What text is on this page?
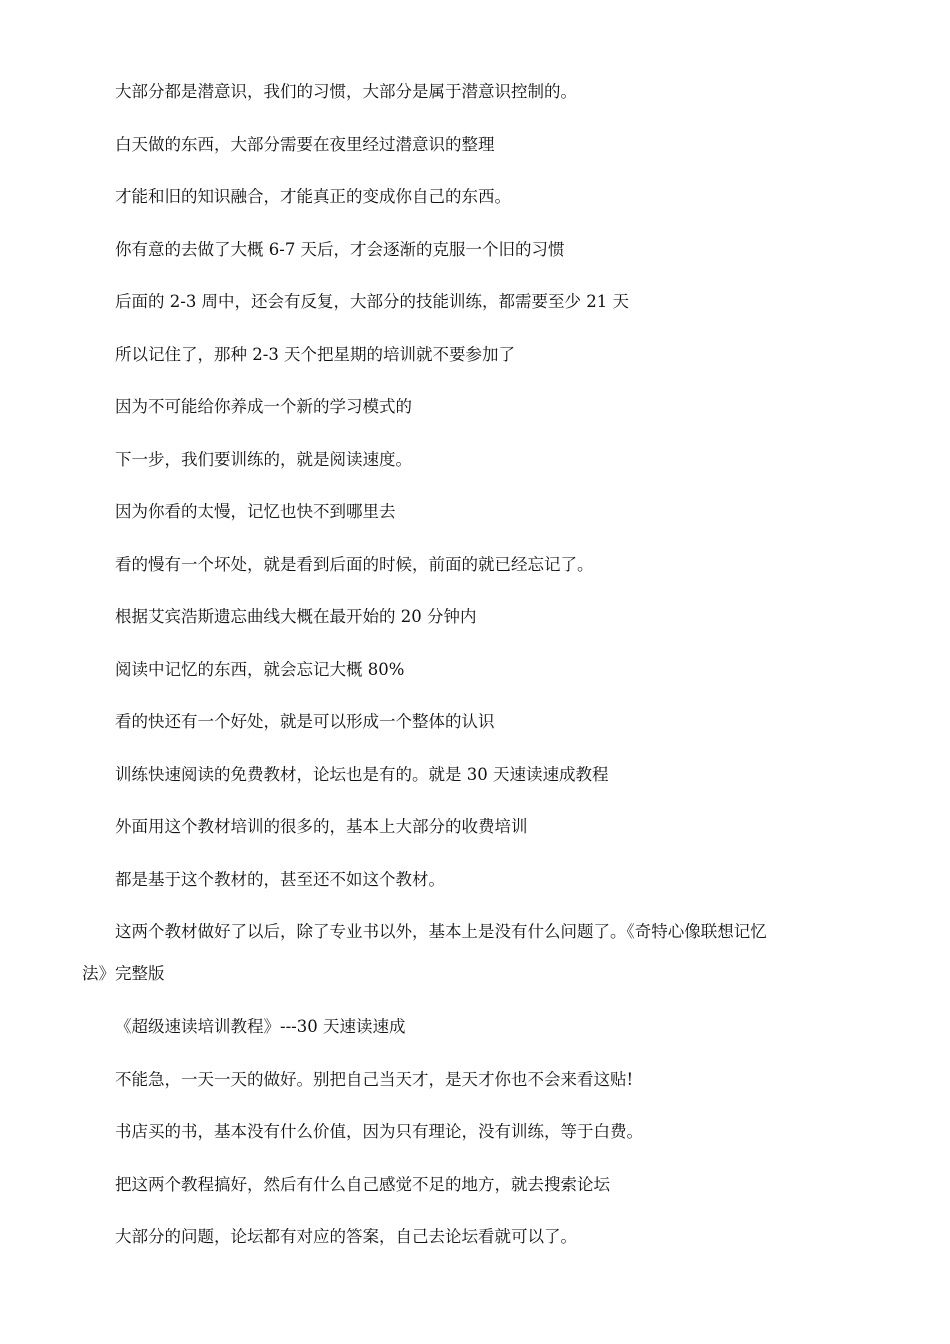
大部分都是潜意识，我们的习惯，大部分是属于潜意识控制的。
白天做的东西，大部分需要在夜里经过潜意识的整理
才能和旧的知识融合，才能真正的变成你自己的东西。
你有意的去做了大概 6-7 天后，才会逐渐的克服一个旧的习惯
后面的 2-3 周中，还会有反复，大部分的技能训练，都需要至少 21 天
所以记住了，那种 2-3 天个把星期的培训就不要参加了
因为不可能给你养成一个新的学习模式的
下一步，我们要训练的，就是阅读速度。
因为你看的太慢，记忆也快不到哪里去
看的慢有一个坏处，就是看到后面的时候，前面的就已经忘记了。
根据艾宾浩斯遗忘曲线大概在最开始的 20 分钟内
阅读中记忆的东西，就会忘记大概 80%
看的快还有一个好处，就是可以形成一个整体的认识
训练快速阅读的免费教材，论坛也是有的。就是 30 天速读速成教程
外面用这个教材培训的很多的，基本上大部分的收费培训
都是基于这个教材的，甚至还不如这个教材。
这两个教材做好了以后，除了专业书以外，基本上是没有什么问题了。《奇特心像联想记忆
法》完整版
《超级速读培训教程》---30 天速读速成
不能急，一天一天的做好。别把自己当天才，是天才你也不会来看这贴!
书店买的书，基本没有什么价值，因为只有理论，没有训练，等于白费。
把这两个教程搞好，然后有什么自己感觉不足的地方，就去搜索论坛
大部分的问题，论坛都有对应的答案，自己去论坛看就可以了。
